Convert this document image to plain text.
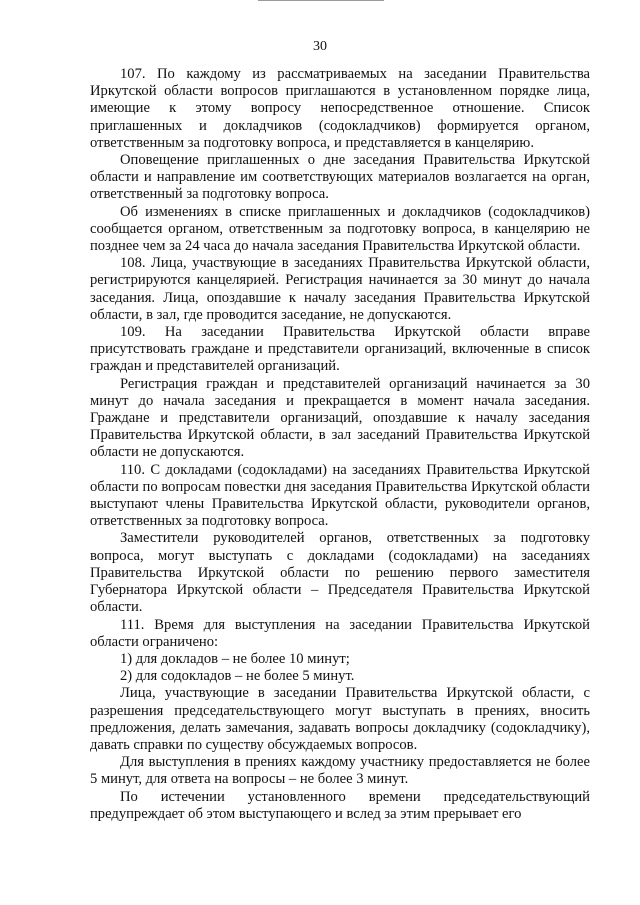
30

107. По каждому из рассматриваемых на заседании Правительства Иркутской области вопросов приглашаются в установленном порядке лица, имеющие к этому вопросу непосредственное отношение. Список приглашенных и докладчиков (содокладчиков) формируется органом, ответственным за подготовку вопроса, и представляется в канцелярию.

Оповещение приглашенных о дне заседания Правительства Иркутской области и направление им соответствующих материалов возлагается на орган, ответственный за подготовку вопроса.

Об изменениях в списке приглашенных и докладчиков (содокладчиков) сообщается органом, ответственным за подготовку вопроса, в канцелярию не позднее чем за 24 часа до начала заседания Правительства Иркутской области.

108. Лица, участвующие в заседаниях Правительства Иркутской области, регистрируются канцелярией. Регистрация начинается за 30 минут до начала заседания. Лица, опоздавшие к началу заседания Правительства Иркутской области, в зал, где проводится заседание, не допускаются.

109. На заседании Правительства Иркутской области вправе присутствовать граждане и представители организаций, включенные в список граждан и представителей организаций.

Регистрация граждан и представителей организаций начинается за 30 минут до начала заседания и прекращается в момент начала заседания. Граждане и представители организаций, опоздавшие к началу заседания Правительства Иркутской области, в зал заседаний Правительства Иркутской области не допускаются.

110. С докладами (содокладами) на заседаниях Правительства Иркутской области по вопросам повестки дня заседания Правительства Иркутской области выступают члены Правительства Иркутской области, руководители органов, ответственных за подготовку вопроса.

Заместители руководителей органов, ответственных за подготовку вопроса, могут выступать с докладами (содокладами) на заседаниях Правительства Иркутской области по решению первого заместителя Губернатора Иркутской области – Председателя Правительства Иркутской области.

111. Время для выступления на заседании Правительства Иркутской области ограничено:

1) для докладов – не более 10 минут;

2) для содокладов – не более 5 минут.

Лица, участвующие в заседании Правительства Иркутской области, с разрешения председательствующего могут выступать в прениях, вносить предложения, делать замечания, задавать вопросы докладчику (содокладчику), давать справки по существу обсуждаемых вопросов.

Для выступления в прениях каждому участнику предоставляется не более 5 минут, для ответа на вопросы – не более 3 минут.

По истечении установленного времени председательствующий предупреждает об этом выступающего и вслед за этим прерывает его
